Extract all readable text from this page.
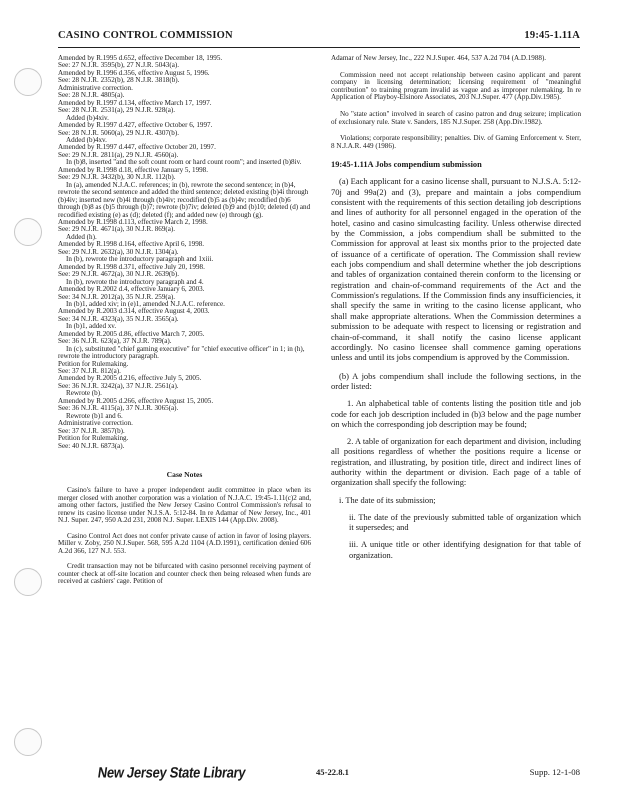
CASINO CONTROL COMMISSION	19:45-1.11A
Amended by R.1995 d.652, effective December 18, 1995.
See: 27 N.J.R. 3595(b), 27 N.J.R. 5043(a).
Amended by R.1996 d.356, effective August 5, 1996.
See: 28 N.J.R. 2352(b), 28 N.J.R. 3818(b).
Administrative correction.
See: 28 N.J.R. 4805(a).
Amended by R.1997 d.134, effective March 17, 1997.
See: 28 N.J.R. 2531(a), 29 N.J.R. 928(a).
Added (b)4xiv.
Amended by R.1997 d.427, effective October 6, 1997.
See: 28 N.J.R. 5060(a), 29 N.J.R. 4307(b).
Added (b)4xv.
Amended by R.1997 d.447, effective October 20, 1997.
See: 29 N.J.R. 2811(a), 29 N.J.R. 4560(a).
In (b)8, inserted "and the soft count room or hard count room"; and inserted (b)8iv.
Amended by R.1998 d.18, effective January 5, 1998.
See: 29 N.J.R. 3432(b), 30 N.J.R. 112(b).
In (a), amended N.J.A.C. references; in (b), rewrote the second sentence; in (b)4, rewrote the second sentence and added the third sentence; deleted existing (b)4i through (b)4iv; inserted new (b)4i through (b)4iv; recodified (b)5 as (b)4v; recodified (b)6 through (b)8 as (b)5 through (b)7; rewrote (b)7iv; deleted (b)9 and (b)10; deleted (d) and recodified existing (e) as (d); deleted (f); and added new (e) through (g).
Amended by R.1998 d.113, effective March 2, 1998.
See: 29 N.J.R. 4671(a), 30 N.J.R. 869(a).
Added (h).
Amended by R.1998 d.164, effective April 6, 1998.
See: 29 N.J.R. 2632(a), 30 N.J.R. 1304(a).
In (b), rewrote the introductory paragraph and 1xiii.
Amended by R.1998 d.371, effective July 20, 1998.
See: 29 N.J.R. 4672(a), 30 N.J.R. 2639(b).
In (b), rewrote the introductory paragraph and 4.
Amended by R.2002 d.4, effective January 6, 2003.
See: 34 N.J.R. 2012(a), 35 N.J.R. 259(a).
In (b)1, added xiv; in (e)1, amended N.J.A.C. reference.
Amended by R.2003 d.314, effective August 4, 2003.
See: 34 N.J.R. 4323(a), 35 N.J.R. 3565(a).
In (b)1, added xv.
Amended by R.2005 d.86, effective March 7, 2005.
See: 36 N.J.R. 623(a), 37 N.J.R. 789(a).
In (c), substituted "chief gaming executive" for "chief executive officer" in 1; in (h), rewrote the introductory paragraph.
Petition for Rulemaking.
See: 37 N.J.R. 812(a).
Amended by R.2005 d.216, effective July 5, 2005.
See: 36 N.J.R. 3242(a), 37 N.J.R. 2561(a).
Rewrote (b).
Amended by R.2005 d.266, effective August 15, 2005.
See: 36 N.J.R. 4115(a), 37 N.J.R. 3065(a).
Rewrote (b)1 and 6.
Administrative correction.
See: 37 N.J.R. 3857(b).
Petition for Rulemaking.
See: 40 N.J.R. 6873(a).
Case Notes

Casino's failure to have a proper independent audit committee in place when its merger closed with another corporation was a violation of N.J.A.C. 19:45-1.11(c)2 and, among other factors, justified the New Jersey Casino Control Commission's refusal to renew its casino license under N.J.S.A. 5:12-84. In re Adamar of New Jersey, Inc., 401 N.J. Super. 247, 950 A.2d 231, 2008 N.J. Super. LEXIS 144 (App.Div. 2008).

Casino Control Act does not confer private cause of action in favor of losing players. Miller v. Zoby, 250 N.J.Super. 568, 595 A.2d 1104 (A.D.1991), certification denied 606 A.2d 366, 127 N.J. 553.

Credit transaction may not be bifurcated with casino personnel receiving payment of counter check at off-site location and counter check then being released when funds are received at cashiers' cage. Petition of

Adamar of New Jersey, Inc., 222 N.J.Super. 464, 537 A.2d 704 (A.D.1988).

Commission need not accept relationship between casino applicant and parent company in licensing determination; licensing requirement of "meaningful contribution" to training program invalid as vague and as improper rulemaking. In re Application of Playboy-Elsinore Associates, 203 N.J.Super. 477 (App.Div.1985).

No "state action" involved in search of casino patron and drug seizure; implication of exclusionary rule. State v. Sanders, 185 N.J.Super. 258 (App.Div.1982).

Violations; corporate responsibility; penalties. Div. of Gaming Enforcement v. Sterr, 8 N.J.A.R. 449 (1986).

19:45-1.11A Jobs compendium submission

(a) Each applicant for a casino license shall, pursuant to N.J.S.A. 5:12-70j and 99a(2) and (3), prepare and maintain a jobs compendium consistent with the requirements of this section detailing job descriptions and lines of authority for all personnel engaged in the operation of the hotel, casino and casino simulcasting facility. Unless otherwise directed by the Commission, a jobs compendium shall be submitted to the Commission for approval at least six months prior to the projected date of issuance of a certificate of operation. The Commission shall review each jobs compendium and shall determine whether the job descriptions and tables of organization contained therein conform to the licensing or registration and chain-of-command requirements of the Act and the Commission's regulations. If the Commission finds any insufficiencies, it shall specify the same in writing to the casino license applicant, who shall make appropriate alterations. When the Commission determines a submission to be adequate with respect to licensing or registration and chain-of-command, it shall notify the casino license applicant accordingly. No casino licensee shall commence gaming operations unless and until its jobs compendium is approved by the Commission.

(b) A jobs compendium shall include the following sections, in the order listed:

1. An alphabetical table of contents listing the position title and job code for each job description included in (b)3 below and the page number on which the corresponding job description may be found;

2. A table of organization for each department and division, including all positions regardless of whether the positions require a license or registration, and illustrating, by position title, direct and indirect lines of authority within the department or division. Each page of a table of organization shall specify the following:

i. The date of its submission;

ii. The date of the previously submitted table of organization which it supersedes; and

iii. A unique title or other identifying designation for that table of organization.

New Jersey State Library	45-22.8.1	Supp. 12-1-08
